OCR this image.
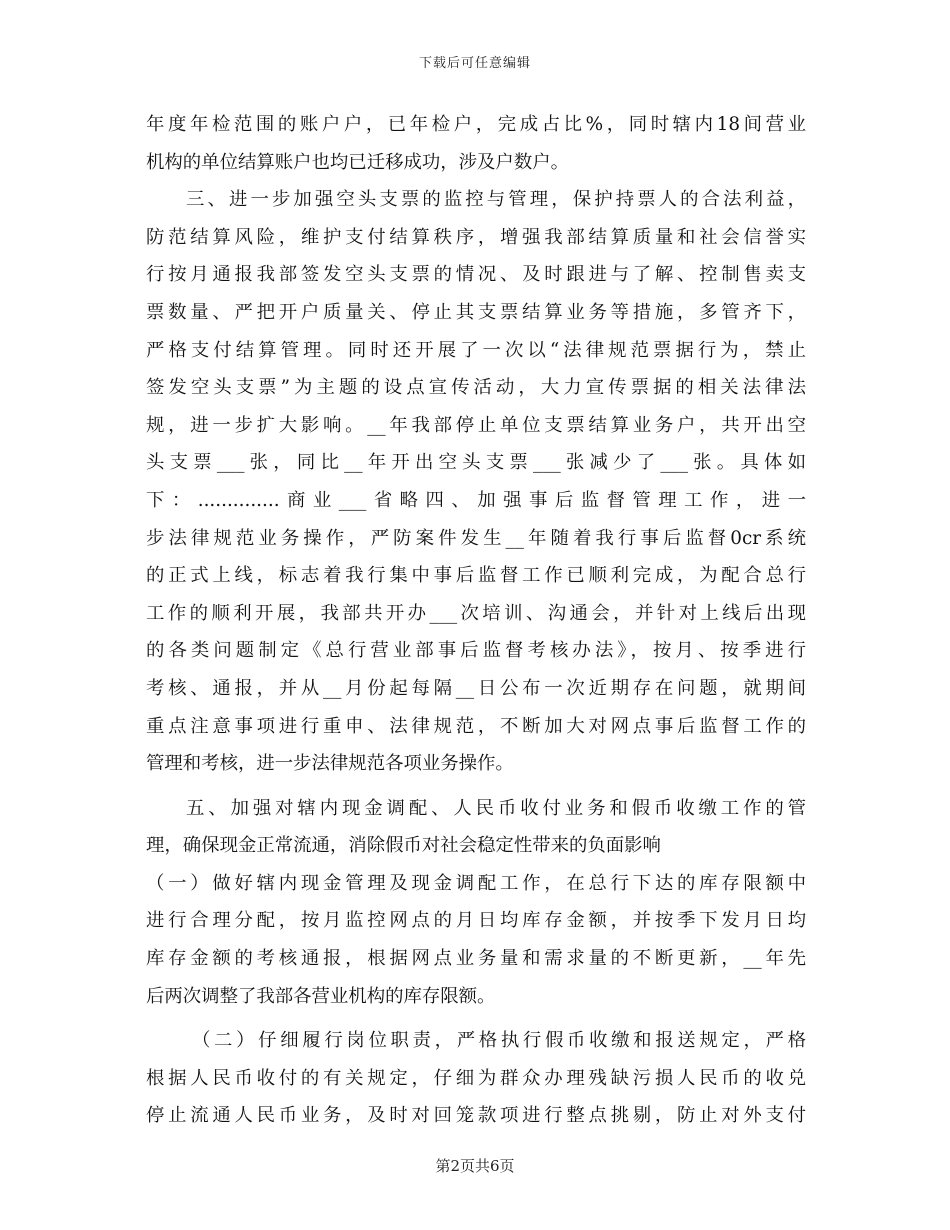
下载后可任意编辑
年度年检范围的账户户，已年检户，完成占比%，同时辖内18间营业
机构的单位结算账户也均已迁移成功，涉及户数户。
三、进一步加强空头支票的监控与管理，保护持票人的合法利益，
防范结算风险，维护支付结算秩序，增强我部结算质量和社会信誉实
行按月通报我部签发空头支票的情况、及时跟进与了解、控制售卖支
票数量、严把开户质量关、停止其支票结算业务等措施，多管齐下，
严格支付结算管理。同时还开展了一次以“法律规范票据行为，禁止
签发空头支票”为主题的设点宣传活动，大力宣传票据的相关法律法
规，进一步扩大影响。__年我部停止单位支票结算业务户，共开出空
头支票___张，同比__年开出空头支票___张减少了___张。具体如
下：..............商业___省略四、加强事后监督管理工作，进一
步法律规范业务操作，严防案件发生__年随着我行事后监督0cr系统
的正式上线，标志着我行集中事后监督工作已顺利完成，为配合总行
工作的顺利开展，我部共开办___次培训、沟通会，并针对上线后出现
的各类问题制定《总行营业部事后监督考核办法》，按月、按季进行
考核、通报，并从__月份起每隔__日公布一次近期存在问题，就期间
重点注意事项进行重申、法律规范，不断加大对网点事后监督工作的
管理和考核，进一步法律规范各项业务操作。
五、加强对辖内现金调配、人民币收付业务和假币收缴工作的管
理，确保现金正常流通，消除假币对社会稳定性带来的负面影响
（一）做好辖内现金管理及现金调配工作，在总行下达的库存限额中
进行合理分配，按月监控网点的月日均库存金额，并按季下发月日均
库存金额的考核通报，根据网点业务量和需求量的不断更新，__年先
后两次调整了我部各营业机构的库存限额。
（二）仔细履行岗位职责，严格执行假币收缴和报送规定，严格
根据人民币收付的有关规定，仔细为群众办理残缺污损人民币的收兑
停止流通人民币业务，及时对回笼款项进行整点挑剔，防止对外支付
第2页共6页
